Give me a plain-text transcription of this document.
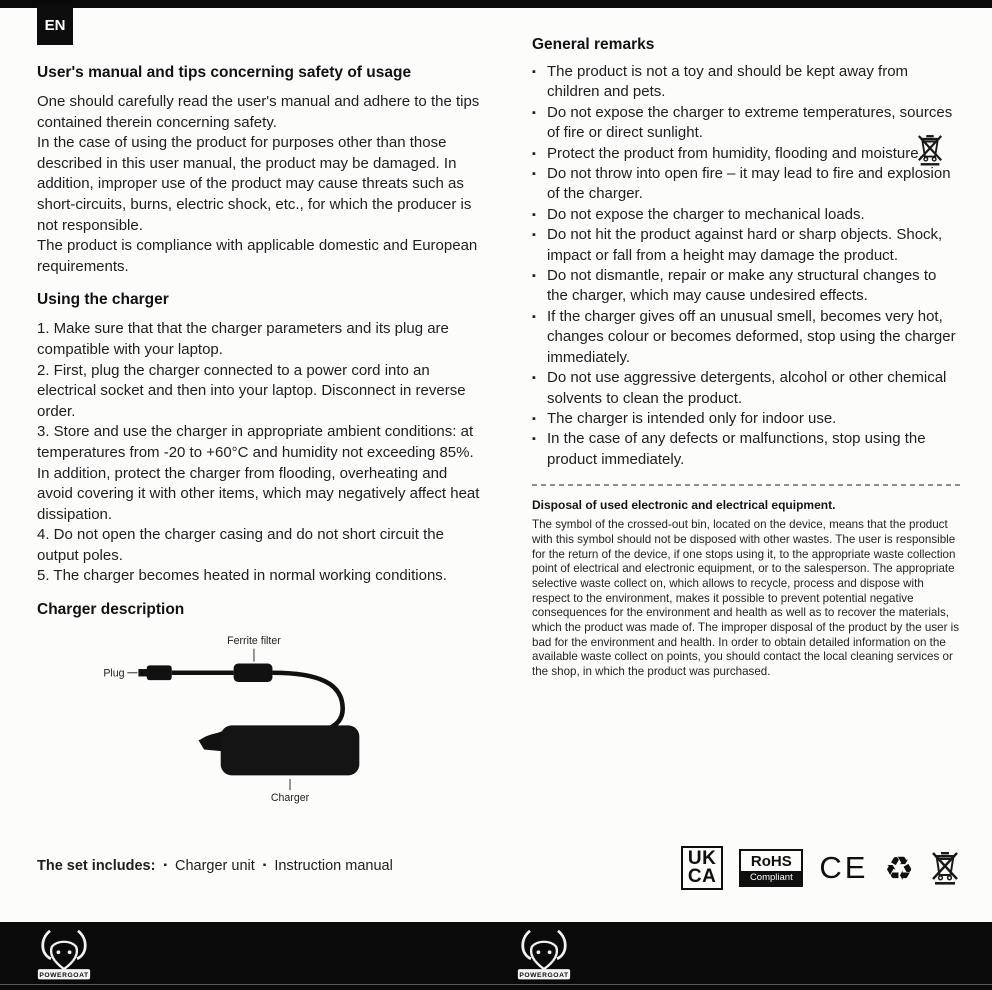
EN
User's manual and tips concerning safety of usage
One should carefully read the user's manual and adhere to the tips contained therein concerning safety.
In the case of using the product for purposes other than those described in this user manual, the product may be damaged. In addition, improper use of the product may cause threats such as short-circuits, burns, electric shock, etc., for which the producer is not responsible.
The product is compliance with applicable domestic and European requirements.
Using the charger
1. Make sure that that the charger parameters and its plug are compatible with your laptop.
2. First, plug the charger connected to a power cord into an electrical socket and then into your laptop. Disconnect in reverse order.
3. Store and use the charger in appropriate ambient conditions: at temperatures from -20 to +60°C and humidity not exceeding 85%. In addition, protect the charger from flooding, overheating and avoid covering it with other items, which may negatively affect heat dissipation.
4. Do not open the charger casing and do not short circuit the output poles.
5. The charger becomes heated in normal working conditions.
Charger description
Ferrite filter
Plug
Charger
General remarks
▪ The product is not a toy and should be kept away from children and pets.
▪ Do not expose the charger to extreme temperatures, sources of fire or direct sunlight.
▪ Protect the product from humidity, flooding and moisture.
▪ Do not throw into open fire – it may lead to fire and explosion of the charger.
▪ Do not expose the charger to mechanical loads.
▪ Do not hit the product against hard or sharp objects. Shock, impact or fall from a height may damage the product.
▪ Do not dismantle, repair or make any structural changes to the charger, which may cause undesired effects.
▪ If the charger gives off an unusual smell, becomes very hot, changes colour or becomes deformed, stop using the charger immediately.
▪ Do not use aggressive detergents, alcohol or other chemical solvents to clean the product.
▪ The charger is intended only for indoor use.
▪ In the case of any defects or malfunctions, stop using the product immediately.
Disposal of used electronic and electrical equipment.
The symbol of the crossed-out bin, located on the device, means that the product with this symbol should not be disposed with other wastes. The user is responsible for the return of the device, if one stops using it, to the appropriate waste collection point of electrical and electronic equipment, or to the salesperson. The appropriate selective waste collect on, which allows to recycle, process and dispose with respect to the environment, makes it possible to prevent potential negative consequences for the environment and health as well as to recover the materials, which the product was made of. The improper disposal of the product by the user is bad for the environment and health. In order to obtain detailed information on the available waste collect on points, you should contact the local cleaning services or the shop, in which the product was purchased.
The set includes: ▪ Charger unit ▪ Instruction manual	UK
CA
RoHS
Compliant CE ♻
POWERGOAT	POWERGOAT
